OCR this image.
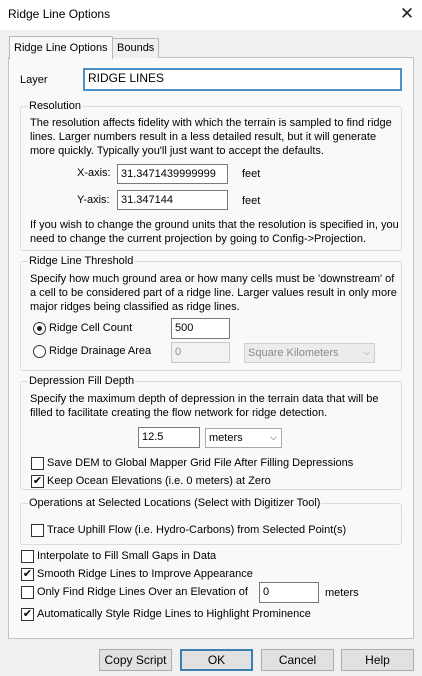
Ridge Line Options	✕
Ridge Line Options Bounds
Layer	RIDGE LINES
Resolution
The resolution affects fidelity with which the terrain is sampled to find ridge lines. Larger numbers result in a less detailed result, but it will generate more quickly. Typically you'll just want to accept the defaults.
X-axis: 31.3471439999999	feet
Y-axis:	31.347144	feet
If you wish to change the ground units that the resolution is specified in, you need to change the current projection by going to Config->Projection.
Ridge Line Threshold
Specify how much ground area or how many cells must be 'downstream' of a cell to be considered part of a ridge line. Larger values result in only more major ridges being classified as ridge lines.
Ridge Cell Count	500
Ridge Drainage Area	0	Square Kilometers	⌵
Depression Fill Depth
Specify the maximum depth of depression in the terrain data that will be filled to facilitate creating the flow network for ridge detection.
12.5	meters	⌵
Save DEM to Global Mapper Grid File After Filling Depressions
✔ Keep Ocean Elevations (i.e. 0 meters) at Zero
Operations at Selected Locations (Select with Digitizer Tool)
Trace Uphill Flow (i.e. Hydro-Carbons) from Selected Point(s)
Interpolate to Fill Small Gaps in Data
✔ Smooth Ridge Lines to Improve Appearance
Only Find Ridge Lines Over an Elevation of	0	meters
✔ Automatically Style Ridge Lines to Highlight Prominence
Copy Script	OK	Cancel	Help
